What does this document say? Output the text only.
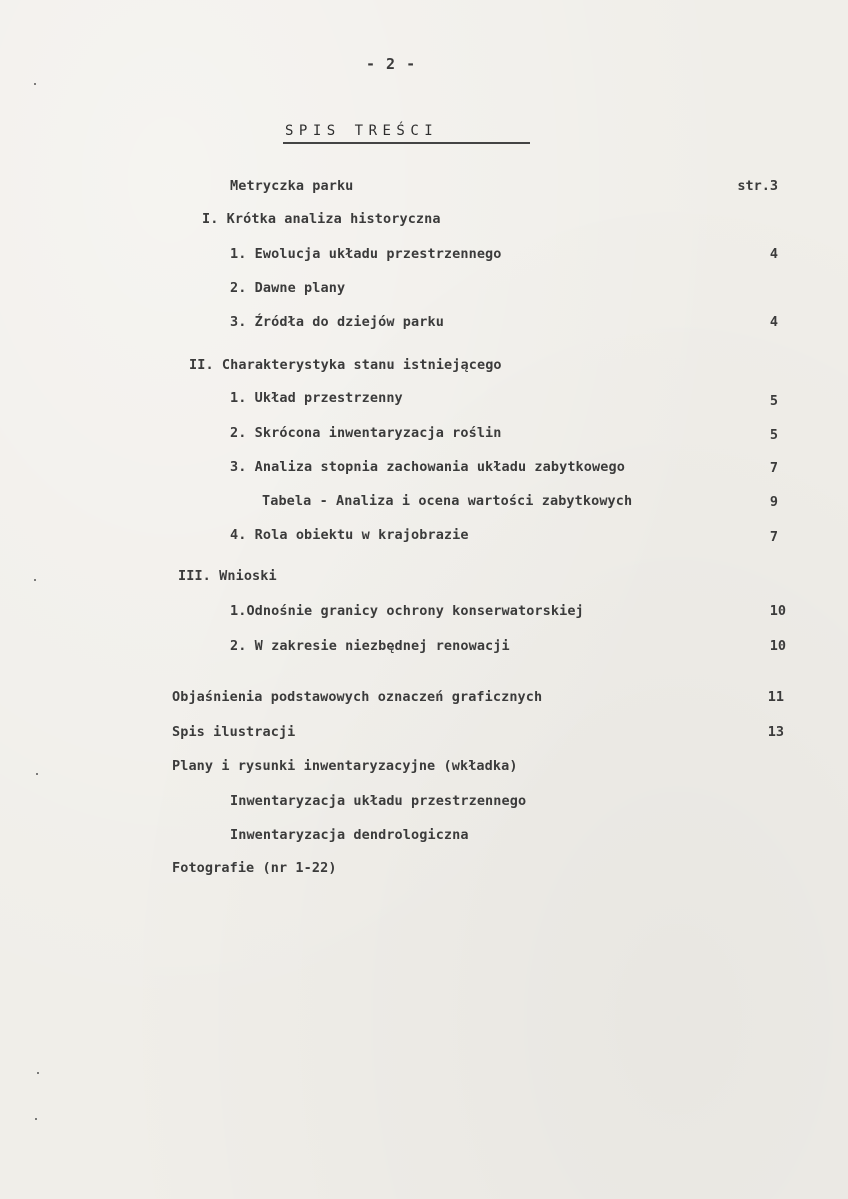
- 2 -
SPIS TREŚCI
Metryczka parku	str.3
I. Krótka analiza historyczna
1. Ewolucja układu przestrzennego	4
2. Dawne plany
3. Źródła do dziejów parku	4
II. Charakterystyka stanu istniejącego
1. Układ przestrzenny	5
2. Skrócona inwentaryzacja roślin	5
3. Analiza stopnia zachowania układu zabytkowego	7
Tabela - Analiza i ocena wartości zabytkowych	9
4. Rola obiektu w krajobrazie	7
III. Wnioski
1.Odnośnie granicy ochrony konserwatorskiej	10
2. W zakresie niezbędnej renowacji	10
Objaśnienia podstawowych oznaczeń graficznych	11
Spis ilustracji	13
Plany i rysunki inwentaryzacyjne (wkładka)
Inwentaryzacja układu przestrzennego
Inwentaryzacja dendrologiczna
Fotografie (nr 1-22)
